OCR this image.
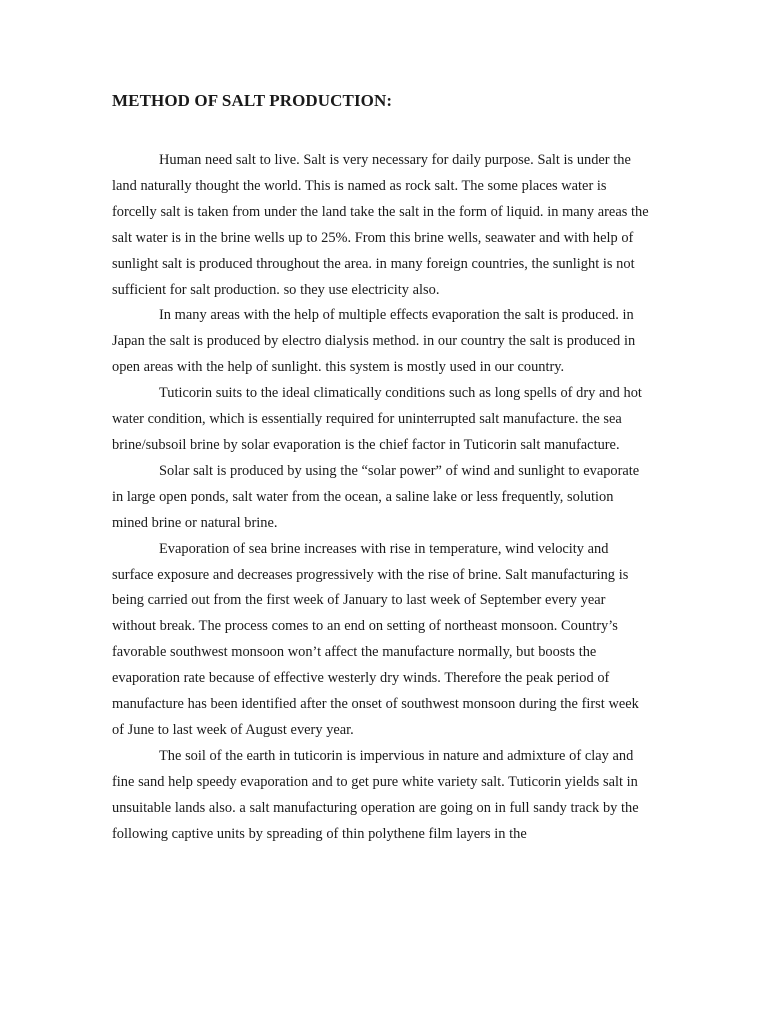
METHOD OF SALT PRODUCTION:

Human need salt to live. Salt is very necessary for daily purpose. Salt is under the land naturally thought the world. This is named as rock salt. The some places water is forcelly salt is taken from under the land take the salt in the form of liquid. in many areas the salt water is in the brine wells up to 25%. From this brine wells, seawater and with help of sunlight salt is produced throughout the area. in many foreign countries, the sunlight is not sufficient for salt production. so they use electricity also.

In many areas with the help of multiple effects evaporation the salt is produced. in Japan the salt is produced by electro dialysis method. in our country the salt is produced in open areas with the help of sunlight. this system is mostly used in our country.

Tuticorin suits to the ideal climatically conditions such as long spells of dry and hot water condition, which is essentially required for uninterrupted salt manufacture. the sea brine/subsoil brine by solar evaporation is the chief factor in Tuticorin salt manufacture.

Solar salt is produced by using the “solar power” of wind and sunlight to evaporate in large open ponds, salt water from the ocean, a saline lake or less frequently, solution mined brine or natural brine.

Evaporation of sea brine increases with rise in temperature, wind velocity and surface exposure and decreases progressively with the rise of brine. Salt manufacturing is being carried out from the first week of January to last week of September every year without break. The process comes to an end on setting of northeast monsoon. Country’s favorable southwest monsoon won’t affect the manufacture normally, but boosts the evaporation rate because of effective westerly dry winds. Therefore the peak period of manufacture has been identified after the onset of southwest monsoon during the first week of June to last week of August every year.

The soil of the earth in tuticorin is impervious in nature and admixture of clay and fine sand help speedy evaporation and to get pure white variety salt. Tuticorin yields salt in unsuitable lands also. a salt manufacturing operation are going on in full sandy track by the following captive units by spreading of thin polythene film layers in the
